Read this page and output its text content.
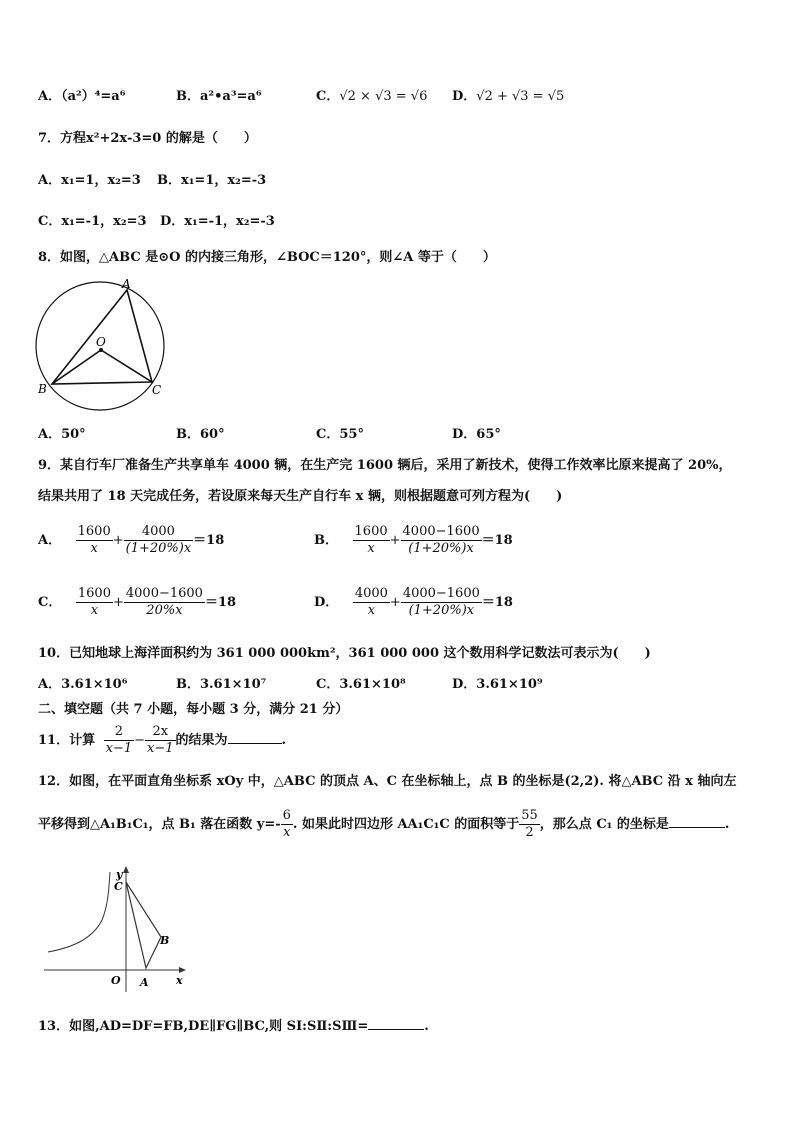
A．（a²）⁴=a⁶	B．a²•a³=a⁶	C．√2 × √3 = √6 D．√2 + √3 = √5
7．方程x²+2x-3=0 的解是（　　）
A．x₁=1，x₂=3 B．x₁=1，x₂=-3
C．x₁=-1，x₂=3 D．x₁=-1，x₂=-3
8．如图，△ABC 是⊙O 的内接三角形，∠BOC＝120°，则∠A 等于（　　）
A
O
B	C
A．50°	B．60°	C．55°	D．65°
9．某自行车厂准备生产共享单车 4000 辆，在生产完 1600 辆后，采用了新技术，使得工作效率比原来提高了 20%，
结果共用了 18 天完成任务，若设原来每天生产自行车 x 辆，则根据题意可列方程为(　　)
A． $\frac{1600}{x} + \frac{4000}{(1+20\%)x} =18$	B． $\frac{1600}{x} + \frac{4000-1600}{(1+20\%)x} =18$
C． $\frac{1600}{x} + \frac{4000-1600}{20\%x} =18$	D． $\frac{4000}{x} + \frac{4000-1600}{(1+20\%)x} =18$
10．已知地球上海洋面积约为 361 000 000km²，361 000 000 这个数用科学记数法可表示为(　　)
A．3.61×10⁶	B．3.61×10⁷	C．3.61×10⁸	D．3.61×10⁹
二、填空题（共 7 小题，每小题 3 分，满分 21 分）
11．计算 $\frac{2}{x-1} - \frac{2x}{x-1}$ 的结果为	.
12．如图，在平面直角坐标系 xOy 中，△ABC 的顶点 A、C 在坐标轴上，点 B 的坐标是(2,2). 将△ABC 沿 x 轴向左
平移得到△A₁B₁C₁，点 B₁ 落在函数 $y=- \frac{6}{x}$ . 如果此时四边形 AA₁C₁C 的面积等于 $\frac{55}{2}$ ，那么点 C₁ 的坐标是	.
y
C
B
O A x
13．如图,AD=DF=FB,DE∥FG∥BC,则 SⅠ:SⅡ:SⅢ=	.
